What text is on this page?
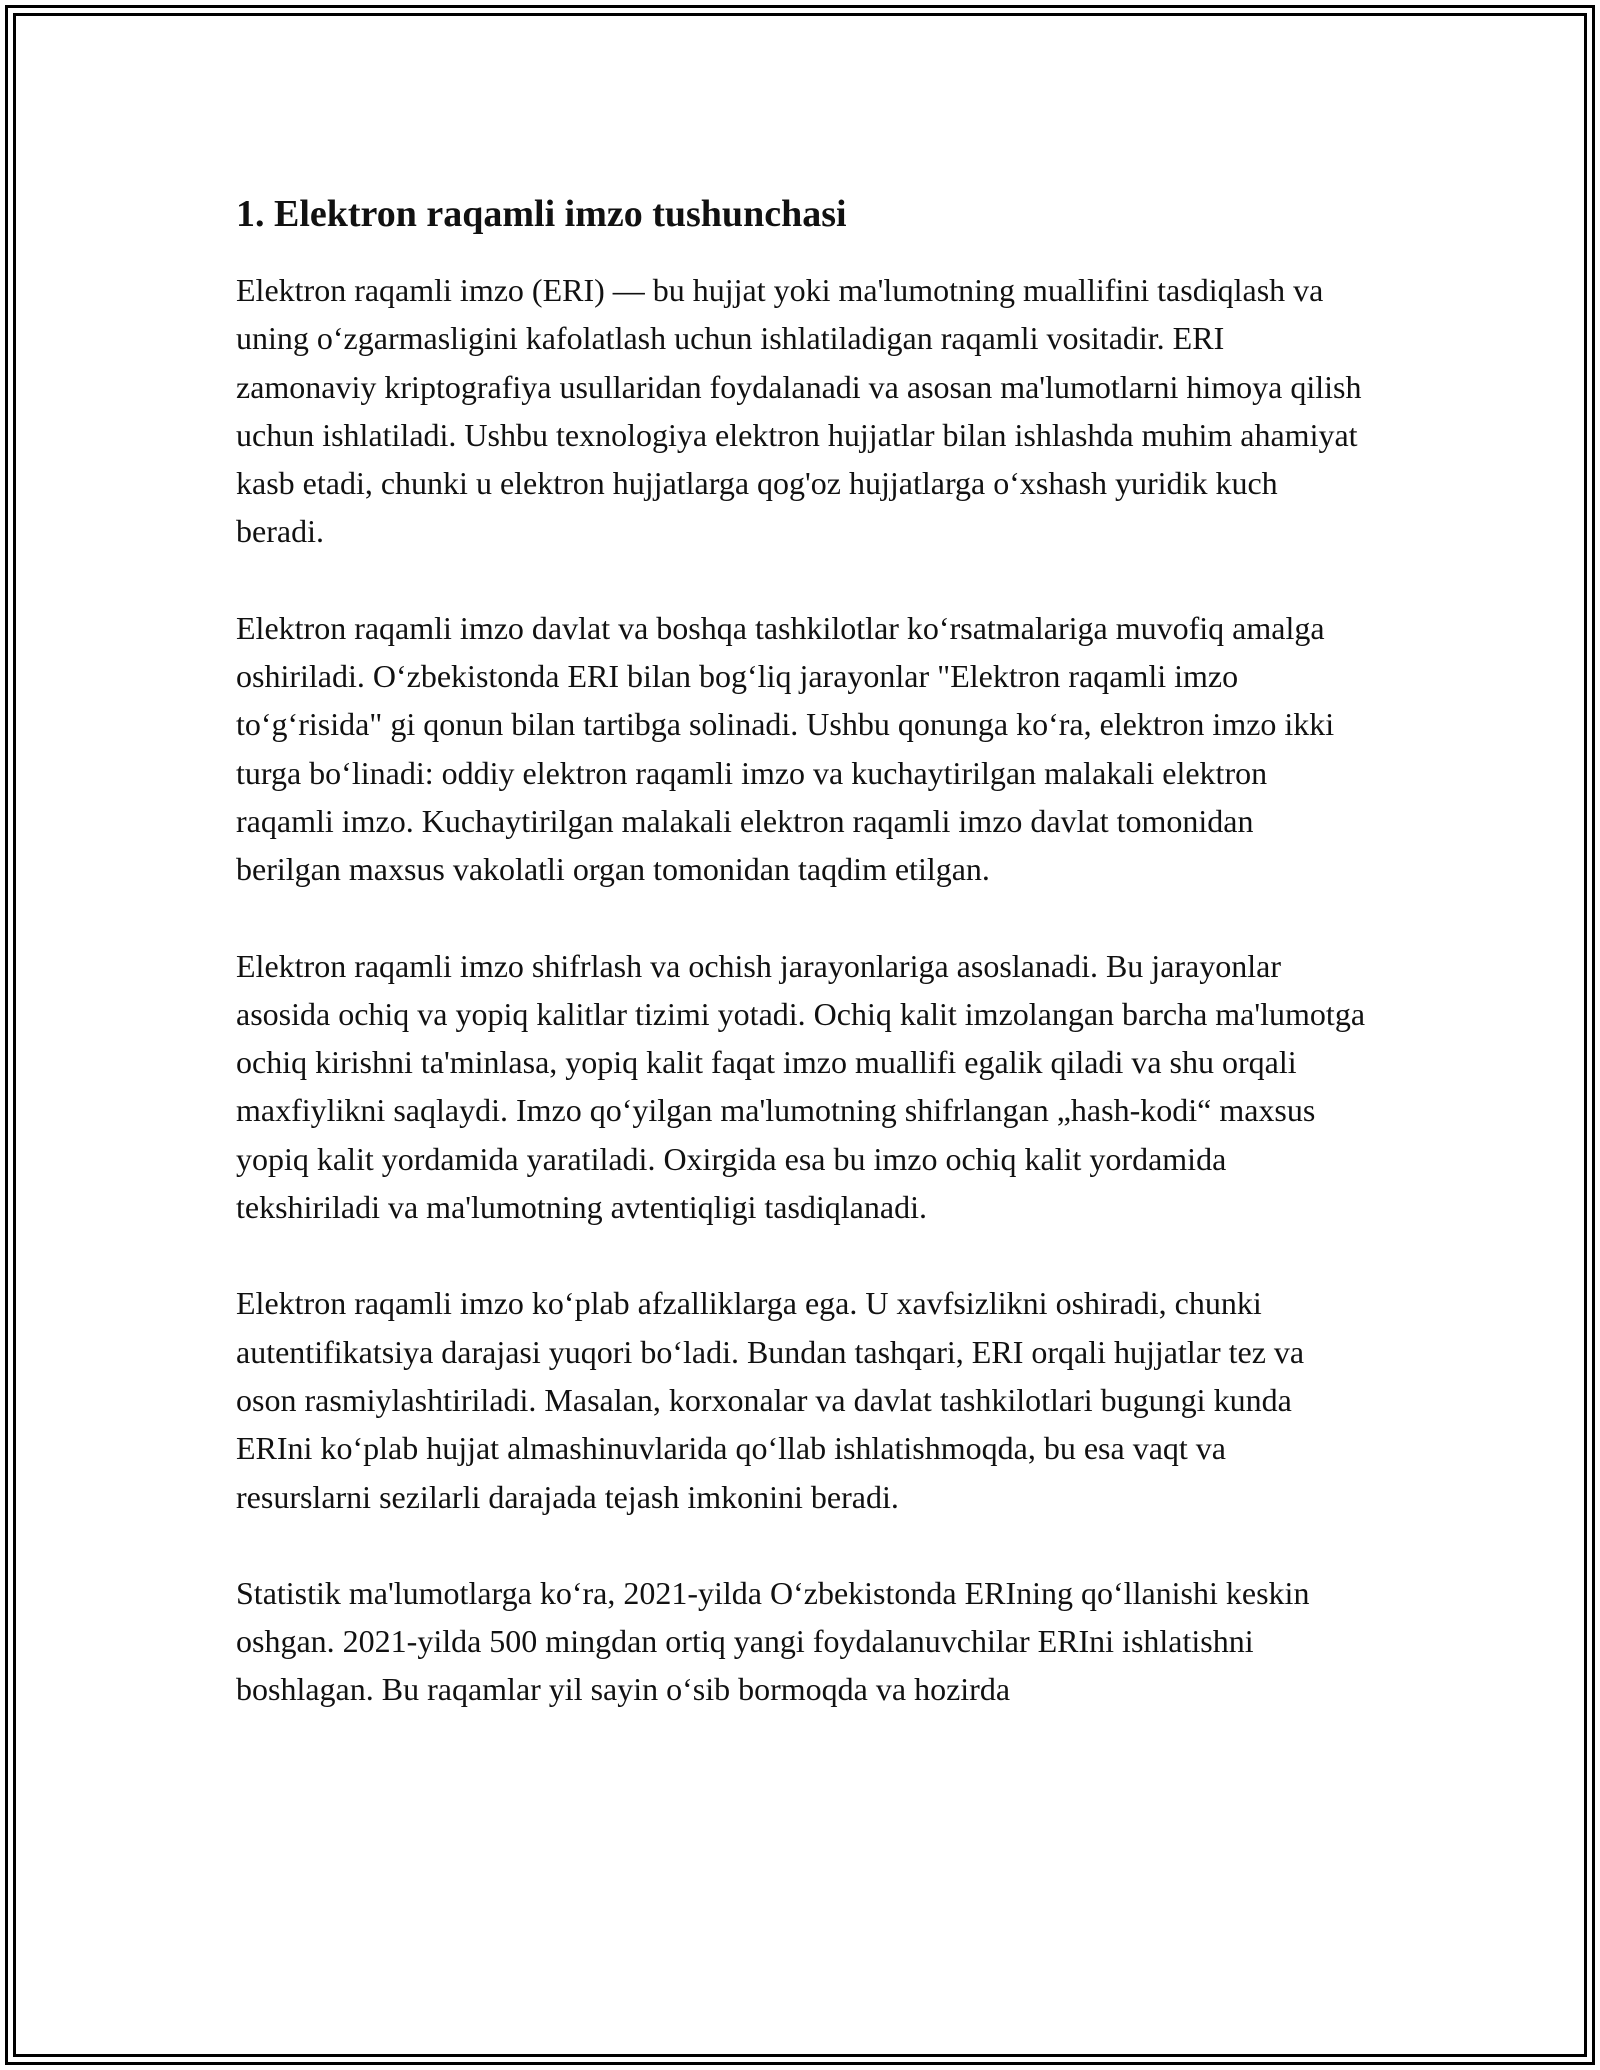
1. Elektron raqamli imzo tushunchasi

Elektron raqamli imzo (ERI) — bu hujjat yoki ma'lumotning muallifini tasdiqlash va uning oʻzgarmasligini kafolatlash uchun ishlatiladigan raqamli vositadir. ERI zamonaviy kriptografiya usullaridan foydalanadi va asosan ma'lumotlarni himoya qilish uchun ishlatiladi. Ushbu texnologiya elektron hujjatlar bilan ishlashda muhim ahamiyat kasb etadi, chunki u elektron hujjatlarga qog'oz hujjatlarga oʻxshash yuridik kuch beradi.

Elektron raqamli imzo davlat va boshqa tashkilotlar koʻrsatmalariga muvofiq amalga oshiriladi. Oʻzbekistonda ERI bilan bogʻliq jarayonlar "Elektron raqamli imzo toʻgʻrisida" gi qonun bilan tartibga solinadi. Ushbu qonunga koʻra, elektron imzo ikki turga boʻlinadi: oddiy elektron raqamli imzo va kuchaytirilgan malakali elektron raqamli imzo. Kuchaytirilgan malakali elektron raqamli imzo davlat tomonidan berilgan maxsus vakolatli organ tomonidan taqdim etilgan.

Elektron raqamli imzo shifrlash va ochish jarayonlariga asoslanadi. Bu jarayonlar asosida ochiq va yopiq kalitlar tizimi yotadi. Ochiq kalit imzolangan barcha ma'lumotga ochiq kirishni ta'minlasa, yopiq kalit faqat imzo muallifi egalik qiladi va shu orqali maxfiylikni saqlaydi. Imzo qoʻyilgan ma'lumotning shifrlangan „hash-kodi“ maxsus yopiq kalit yordamida yaratiladi. Oxirgida esa bu imzo ochiq kalit yordamida tekshiriladi va ma'lumotning avtentiqligi tasdiqlanadi.

Elektron raqamli imzo koʻplab afzalliklarga ega. U xavfsizlikni oshiradi, chunki autentifikatsiya darajasi yuqori boʻladi. Bundan tashqari, ERI orqali hujjatlar tez va oson rasmiylashtiriladi. Masalan, korxonalar va davlat tashkilotlari bugungi kunda ERIni koʻplab hujjat almashinuvlarida qoʻllab ishlatishmoqda, bu esa vaqt va resurslarni sezilarli darajada tejash imkonini beradi.

Statistik ma'lumotlarga koʻra, 2021-yilda Oʻzbekistonda ERIning qoʻllanishi keskin oshgan. 2021-yilda 500 mingdan ortiq yangi foydalanuvchilar ERIni ishlatishni boshlagan. Bu raqamlar yil sayin oʻsib bormoqda va hozirda
